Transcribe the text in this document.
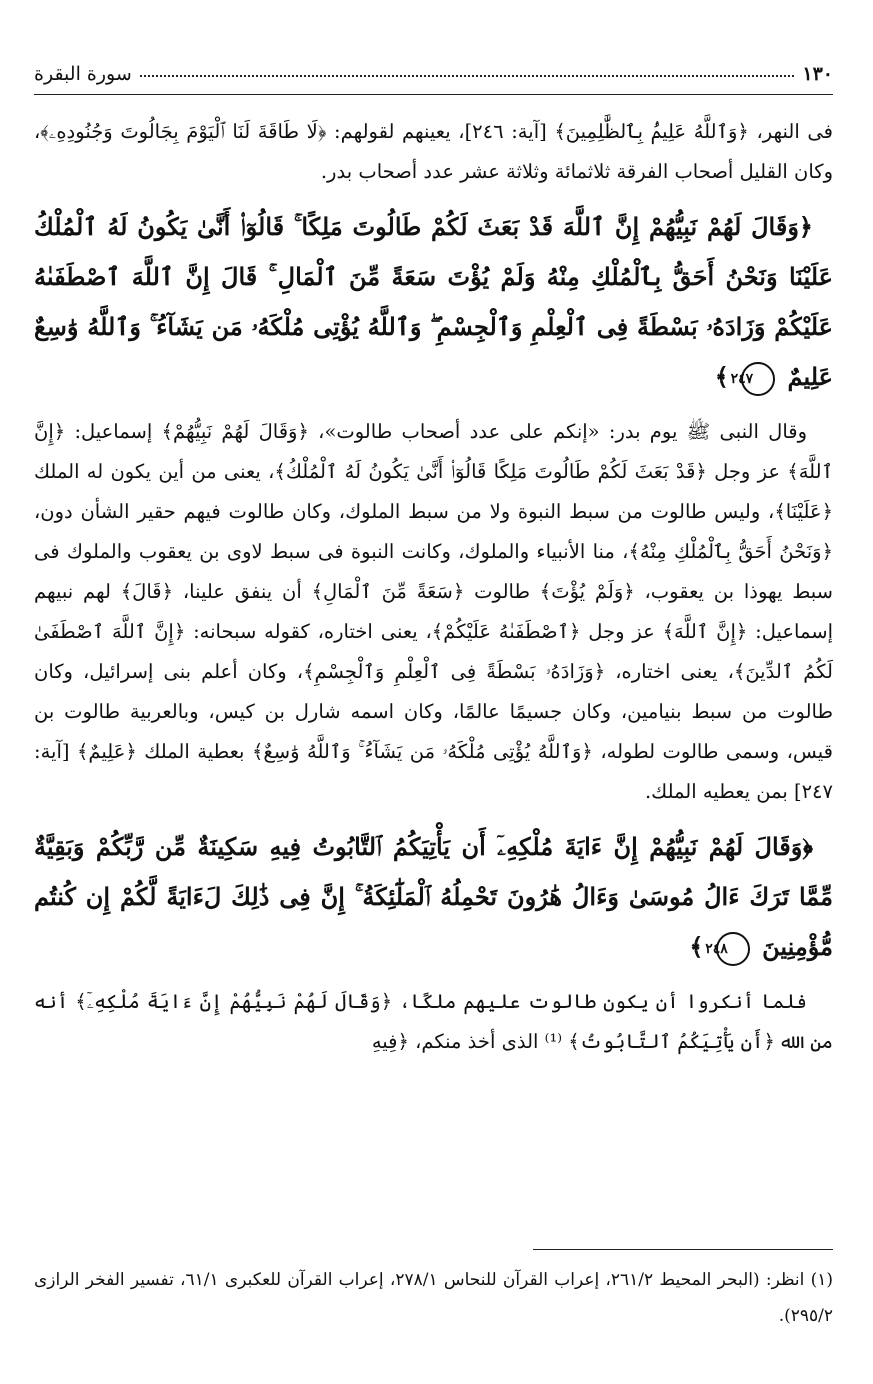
١٣٠
سورة البقرة

فى النهر، ﴿وَٱللَّهُ عَلِيمُۢ بِٱلظَّٰلِمِينَ﴾ [آية: ٢٤٦]، يعينهم لقولهم: ﴿لَا طَاقَةَ لَنَا ٱلْيَوْمَ بِجَالُوتَ وَجُنُودِهِۦ﴾، وكان القليل أصحاب الفرقة ثلاثمائة وثلاثة عشر عدد أصحاب بدر.

﴿وَقَالَ لَهُمْ نَبِيُّهُمْ إِنَّ ٱللَّهَ قَدْ بَعَثَ لَكُمْ طَالُوتَ مَلِكًا ۚ قَالُوٓا۟ أَنَّىٰ يَكُونُ لَهُ ٱلْمُلْكُ عَلَيْنَا وَنَحْنُ أَحَقُّ بِٱلْمُلْكِ مِنْهُ وَلَمْ يُؤْتَ سَعَةً مِّنَ ٱلْمَالِ ۚ قَالَ إِنَّ ٱللَّهَ ٱصْطَفَىٰهُ عَلَيْكُمْ وَزَادَهُۥ بَسْطَةً فِى ٱلْعِلْمِ وَٱلْجِسْمِ ۖ وَٱللَّهُ يُؤْتِى مُلْكَهُۥ مَن يَشَآءُ ۚ وَٱللَّهُ وَٰسِعٌ عَلِيمٌ ٢٤٧ ﴾

وقال النبى ﷺ يوم بدر: «إنكم على عدد أصحاب طالوت»، ﴿وَقَالَ لَهُمْ نَبِيُّهُمْ﴾ إسماعيل: ﴿إِنَّ ٱللَّهَ﴾ عز وجل ﴿قَدْ بَعَثَ لَكُمْ طَالُوتَ مَلِكًا قَالُوٓا۟ أَنَّىٰ يَكُونُ لَهُ ٱلْمُلْكُ﴾، يعنى من أين يكون له الملك ﴿عَلَيْنَا﴾، وليس طالوت من سبط النبوة ولا من سبط الملوك، وكان طالوت فيهم حقير الشأن دون، ﴿وَنَحْنُ أَحَقُّ بِٱلْمُلْكِ مِنْهُ﴾، منا الأنبياء والملوك، وكانت النبوة فى سبط لاوى بن يعقوب والملوك فى سبط يهوذا بن يعقوب، ﴿وَلَمْ يُؤْتَ﴾ طالوت ﴿سَعَةً مِّنَ ٱلْمَالِ﴾ أن ينفق علينا، ﴿قَالَ﴾ لهم نبيهم إسماعيل: ﴿إِنَّ ٱللَّهَ﴾ عز وجل ﴿ٱصْطَفَىٰهُ عَلَيْكُمْ﴾، يعنى اختاره، كقوله سبحانه: ﴿إِنَّ ٱللَّهَ ٱصْطَفَىٰ لَكُمُ ٱلدِّينَ﴾، يعنى اختاره، ﴿وَزَادَهُۥ بَسْطَةً فِى ٱلْعِلْمِ وَٱلْجِسْمِ﴾، وكان أعلم بنى إسرائيل، وكان طالوت من سبط بنيامين، وكان جسيمًا عالمًا، وكان اسمه شارل بن كيس، وبالعربية طالوت بن قيس، وسمى طالوت لطوله، ﴿وَٱللَّهُ يُؤْتِى مُلْكَهُۥ مَن يَشَآءُ ۚ وَٱللَّهُ وَٰسِعٌ﴾ بعطية الملك ﴿عَلِيمٌ﴾ [آية: ٢٤٧] بمن يعطيه الملك.

﴿وَقَالَ لَهُمْ نَبِيُّهُمْ إِنَّ ءَايَةَ مُلْكِهِۦٓ أَن يَأْتِيَكُمُ ٱلتَّابُوتُ فِيهِ سَكِينَةٌ مِّن رَّبِّكُمْ وَبَقِيَّةٌ مِّمَّا تَرَكَ ءَالُ مُوسَىٰ وَءَالُ هَٰرُونَ تَحْمِلُهُ ٱلْمَلَٰٓئِكَةُ ۚ إِنَّ فِى ذَٰلِكَ لَءَايَةً لَّكُمْ إِن كُنتُم مُّؤْمِنِينَ ٢٤٨ ﴾

فلما أنكروا أن يكون طالوت عليهم ملكًا، ﴿وَقَالَ لَهُمْ نَبِيُّهُمْ إِنَّ ءَايَةَ مُلْكِهِۦٓ﴾ أنه من الله ﴿أَن يَأْتِيَكُمُ ٱلتَّابُوتُ﴾ ⁽¹⁾ الذى أخذ منكم، ﴿فِيهِ

(١) انظر: (البحر المحيط ٢٦١/٢، إعراب القرآن للنحاس ٢٧٨/١، إعراب القرآن للعكبرى ٦١/١، تفسير الفخر الرازى ٢٩٥/٢).
